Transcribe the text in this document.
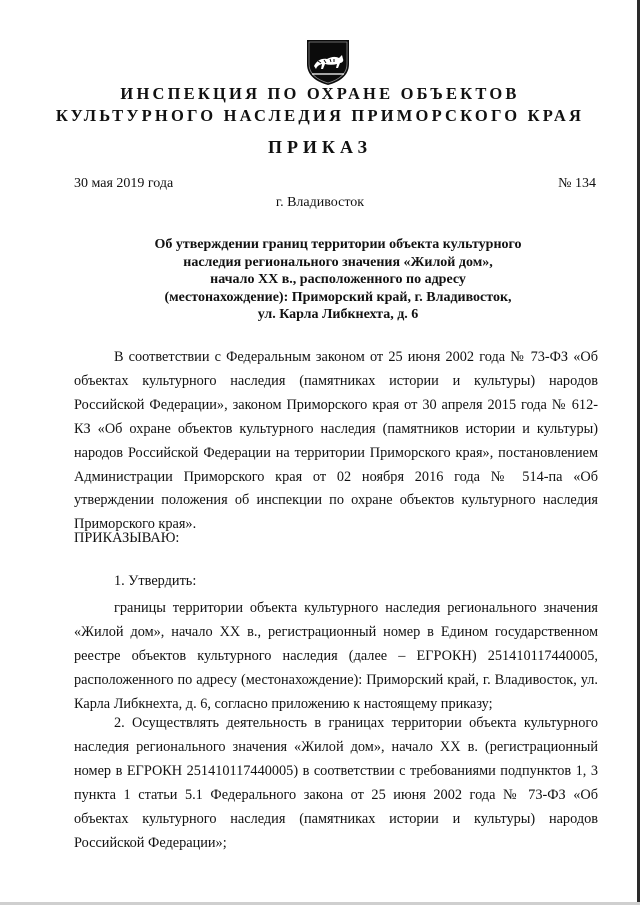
ИНСПЕКЦИЯ ПО ОХРАНЕ ОБЪЕКТОВ
КУЛЬТУРНОГО НАСЛЕДИЯ ПРИМОРСКОГО КРАЯ
ПРИКАЗ
30 мая 2019 года	№ 134
г. Владивосток
Об утверждении границ территории объекта культурного
наследия регионального значения «Жилой дом»,
начало XX в., расположенного по адресу
(местонахождение): Приморский край, г. Владивосток,
ул. Карла Либкнехта, д. 6

В соответствии с Федеральным законом от 25 июня 2002 года № 73-ФЗ «Об объектах культурного наследия (памятниках истории и культуры) народов Российской Федерации», законом Приморского края от 30 апреля 2015 года № 612-КЗ «Об охране объектов культурного наследия (памятников истории и культуры) народов Российской Федерации на территории Приморского края», постановлением Администрации Приморского края от 02 ноября 2016 года № 514-па «Об утверждении положения об инспекции по охране объектов культурного наследия Приморского края».

ПРИКАЗЫВАЮ:
1. Утвердить:

границы территории объекта культурного наследия регионального значения «Жилой дом», начало XX в., регистрационный номер в Едином государственном реестре объектов культурного наследия (далее – ЕГРОКН) 251410117440005, расположенного по адресу (местонахождение): Приморский край, г. Владивосток, ул. Карла Либкнехта, д. 6, согласно приложению к настоящему приказу;

2. Осуществлять деятельность в границах территории объекта культурного наследия регионального значения «Жилой дом», начало XX в. (регистрационный номер в ЕГРОКН 251410117440005) в соответствии с требованиями подпунктов 1, 3 пункта 1 статьи 5.1 Федерального закона от 25 июня 2002 года № 73-ФЗ «Об объектах культурного наследия (памятниках истории и культуры) народов Российской Федерации»;
